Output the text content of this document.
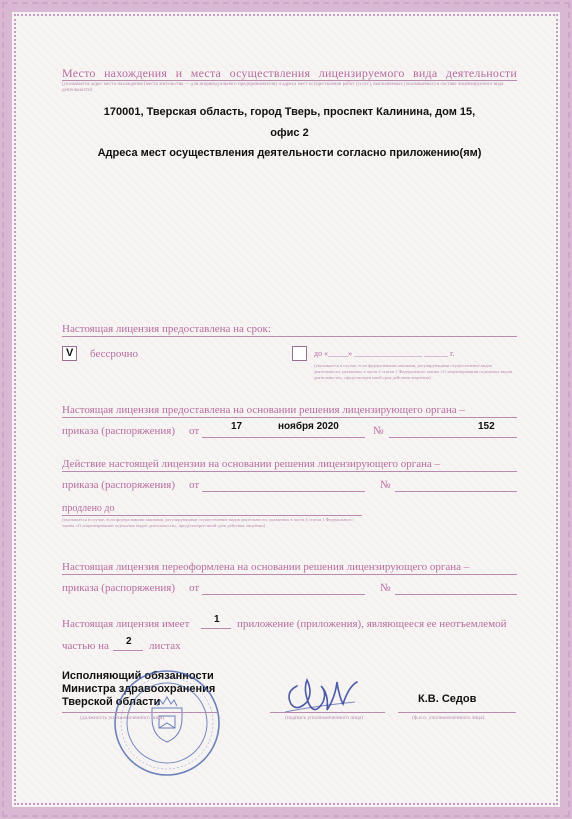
Место нахождения и места осуществления лицензируемого вида деятельности
(указывается адрес места нахождения (места жительства — для индивидуального предпринимателя) и адреса мест осуществления работ (услуг), выполняемых (оказываемых) в составе лицензируемого вида деятельности)
170001, Тверская область, город Тверь, проспект Калинина, дом 15,
офис 2
Адреса мест осуществления деятельности согласно приложению(ям)
Настоящая лицензия предоставлена на срок:
V бессрочно	до «_____» _________________ ______ г.
(указывается в случае, если федеральными законами, регулирующими осуществление видов деятельности, указанных в части 4 статьи 1 Федерального закона «О лицензировании отдельных видов деятельности», предусмотрен иной срок действия лицензии)
Настоящая лицензия предоставлена на основании решения лицензирующего органа –
приказа (распоряжения) от	17	ноября 2020	№	152
Действие настоящей лицензии на основании решения лицензирующего органа –
приказа (распоряжения) от	№
продлено до
(указывается в случае, если федеральными законами, регулирующими осуществление видов деятельности, указанных в части 4 статьи 1 Федерального закона «О лицензировании отдельных видов деятельности», предусмотрен иной срок действия лицензии)
Настоящая лицензия переоформлена на основании решения лицензирующего органа –
приказа (распоряжения) от	№
Настоящая лицензия имеет 1 приложение (приложения), являющееся ее неотъемлемой
частью на 2 листах
Исполняющий обязанности
Министра здравоохранения
Тверской области	К.В. Седов
(должность уполномоченного лица)	(подпись уполномоченного лица)	(ф.и.о. уполномоченного лица)
